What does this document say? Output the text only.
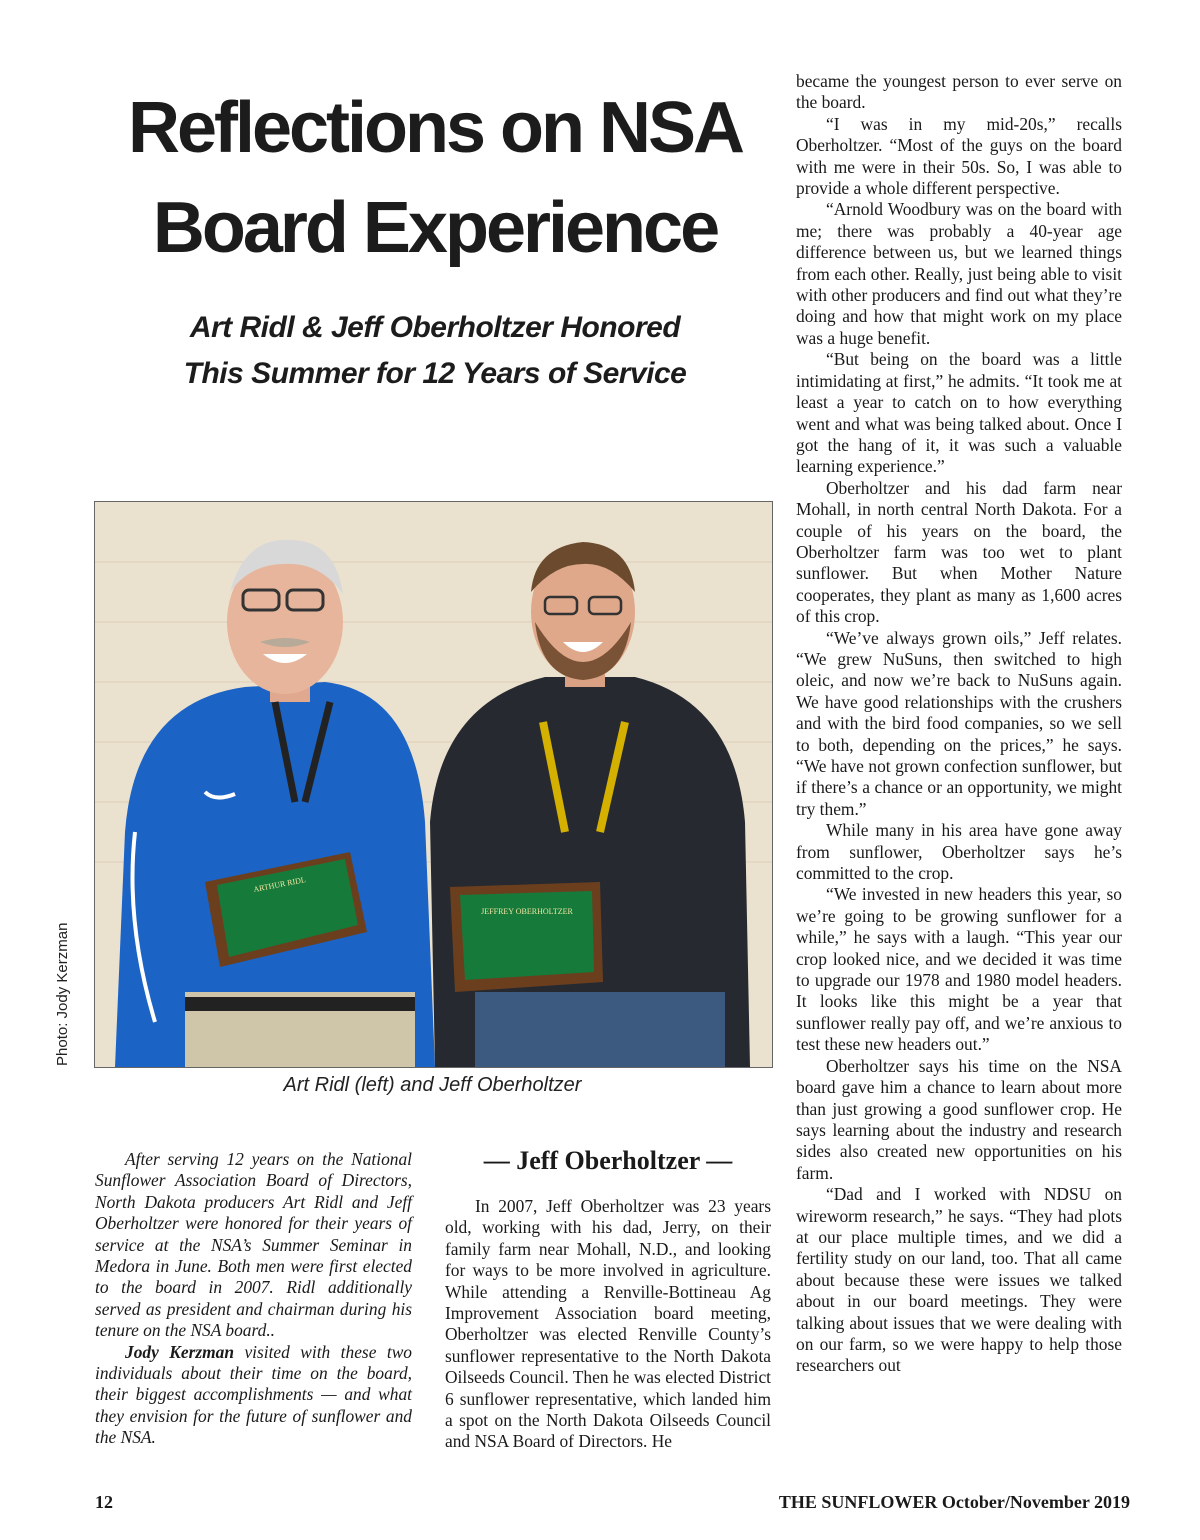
Reflections on NSA
Board Experience
Art Ridl & Jeff Oberholtzer Honored
This Summer for 12 Years of Service
ARTHUR RIDL
JEFFREY OBERHOLTZER
Photo: Jody Kerzman

Art Ridl (left) and Jeff Oberholtzer

After serving 12 years on the National Sunflower Association Board of Directors, North Dakota producers Art Ridl and Jeff Oberholtzer were honored for their years of service at the NSA’s Summer Seminar in Medora in June. Both men were first elected to the board in 2007. Ridl additionally served as president and chairman during his tenure on the NSA board..

Jody Kerzman visited with these two individuals about their time on the board, their biggest accomplishments — and what they envision for the future of sunflower and the NSA.

— Jeff Oberholtzer —

In 2007, Jeff Oberholtzer was 23 years old, working with his dad, Jerry, on their family farm near Mohall, N.D., and looking for ways to be more involved in agriculture. While attending a Renville-Bottineau Ag Improvement Association board meeting, Oberholtzer was elected Renville County’s sunflower representative to the North Dakota Oilseeds Council. Then he was elected District 6 sunflower representative, which landed him a spot on the North Dakota Oilseeds Council and NSA Board of Directors. He

became the youngest person to ever serve on the board.

“I was in my mid-20s,” recalls Oberholtzer. “Most of the guys on the board with me were in their 50s. So, I was able to provide a whole different perspective.

“Arnold Woodbury was on the board with me; there was probably a 40-year age difference between us, but we learned things from each other. Really, just being able to visit with other producers and find out what they’re doing and how that might work on my place was a huge benefit.

“But being on the board was a little intimidating at first,” he admits. “It took me at least a year to catch on to how everything went and what was being talked about. Once I got the hang of it, it was such a valuable learning experience.”

Oberholtzer and his dad farm near Mohall, in north central North Dakota. For a couple of his years on the board, the Oberholtzer farm was too wet to plant sunflower. But when Mother Nature cooperates, they plant as many as 1,600 acres of this crop.

“We’ve always grown oils,” Jeff relates. “We grew NuSuns, then switched to high oleic, and now we’re back to NuSuns again. We have good relationships with the crushers and with the bird food companies, so we sell to both, depending on the prices,” he says. “We have not grown confection sunflower, but if there’s a chance or an opportunity, we might try them.”

While many in his area have gone away from sunflower, Oberholtzer says he’s committed to the crop.

“We invested in new headers this year, so we’re going to be growing sunflower for a while,” he says with a laugh. “This year our crop looked nice, and we decided it was time to upgrade our 1978 and 1980 model headers. It looks like this might be a year that sunflower really pay off, and we’re anxious to test these new headers out.”

Oberholtzer says his time on the NSA board gave him a chance to learn about more than just growing a good sunflower crop. He says learning about the industry and research sides also created new opportunities on his farm.

“Dad and I worked with NDSU on wireworm research,” he says. “They had plots at our place multiple times, and we did a fertility study on our land, too. That all came about because these were issues we talked about in our board meetings. They were talking about issues that we were dealing with on our farm, so we were happy to help those researchers out

12	THE SUNFLOWER October/November 2019
